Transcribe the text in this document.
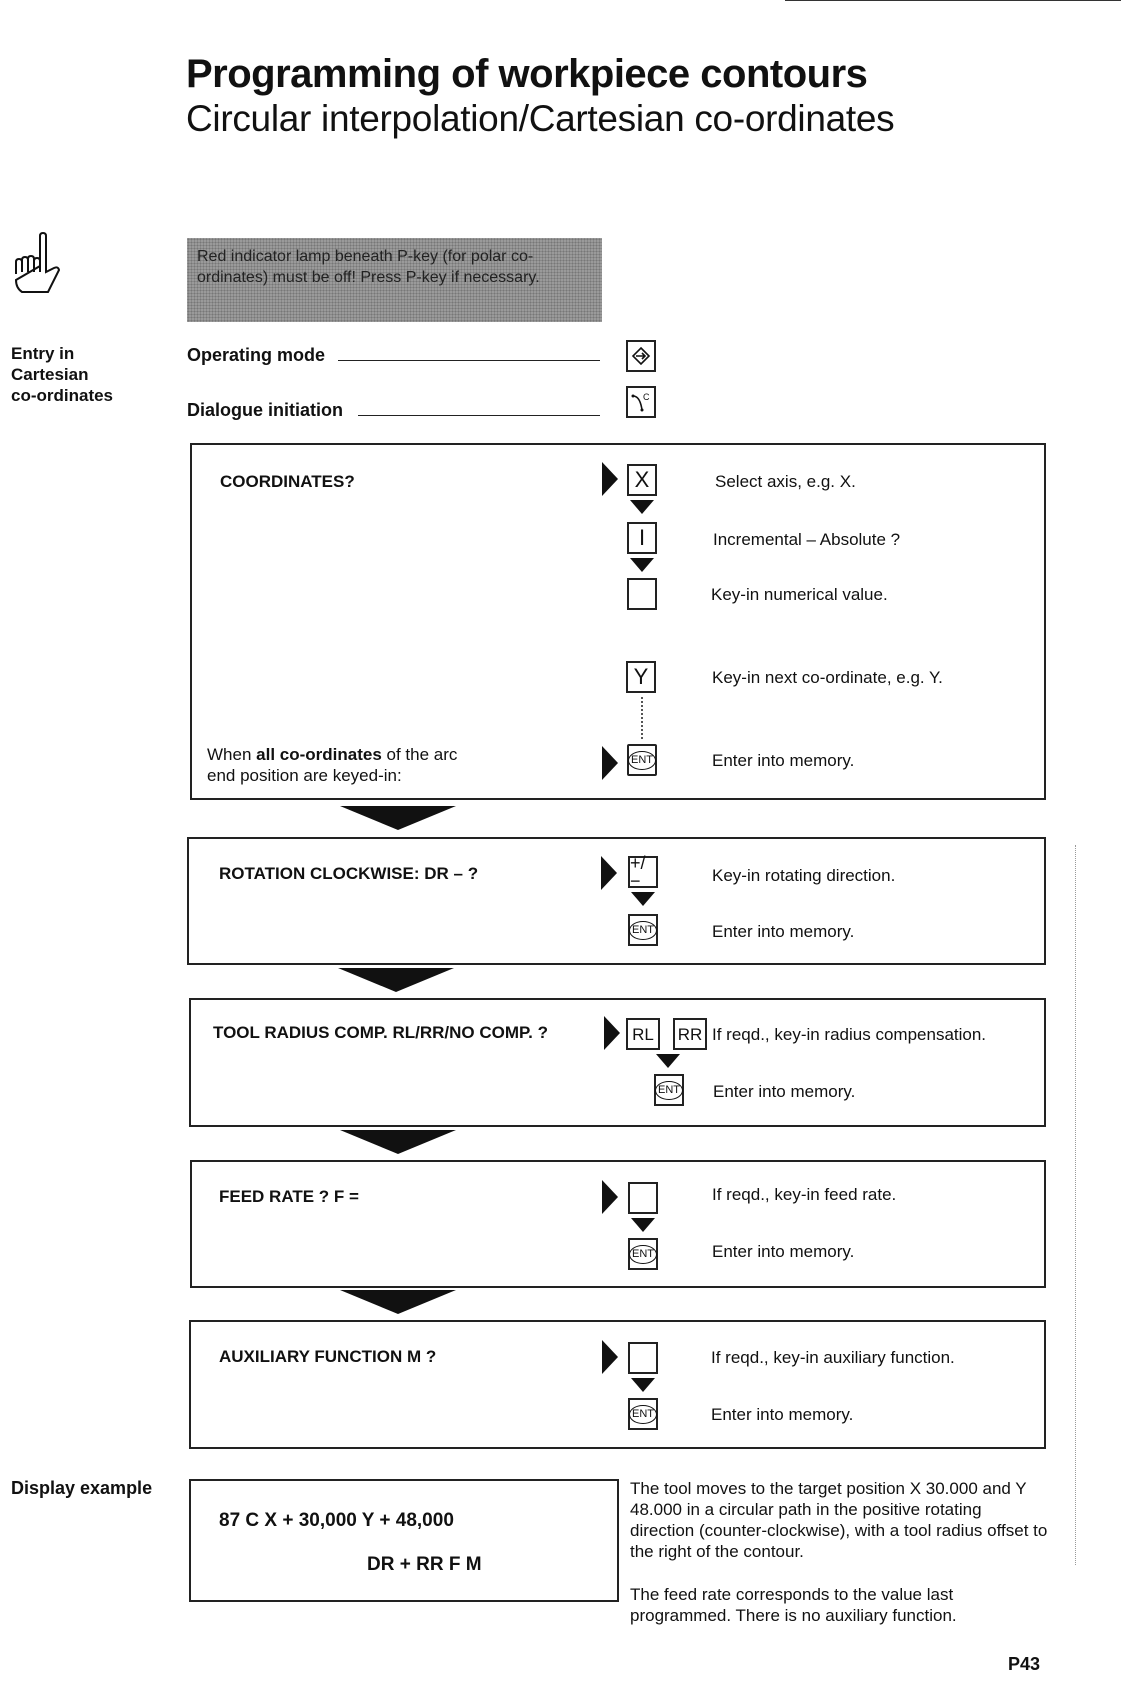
Programming of workpiece contours
Circular interpolation/Cartesian co-ordinates
Entry in
Cartesian
co-ordinates
Red indicator lamp beneath P-key (for polar co-ordinates) must be off! Press P-key if necessary.
Operating mode
Dialogue initiation
C
COORDINATES?	X	Select axis, e.g. X.
I	Incremental – Absolute ?
Key-in numerical value.
Y	Key-in next co-ordinate, e.g. Y.
When all co-ordinates of the arc
end position are keyed-in:
ENT	Enter into memory.
ROTATION CLOCKWISE: DR – ?
+/−	Key-in rotating direction.
ENT	Enter into memory.
TOOL RADIUS COMP. RL/RR/NO COMP. ?	RL	RR If reqd., key-in radius compensation.
ENT Enter into memory.
FEED RATE ? F =	If reqd., key-in feed rate.
ENT	Enter into memory.
AUXILIARY FUNCTION M ?	If reqd., key-in auxiliary function.
ENT	Enter into memory.
Display example
87 C X + 30,000 Y + 48,000
DR + RR F M
The tool moves to the target position X 30.000 and Y 48.000 in a circular path in the positive rotating direction (counter-clockwise), with a tool radius offset to the right of the contour.
The feed rate corresponds to the value last programmed. There is no auxiliary function.
P43
